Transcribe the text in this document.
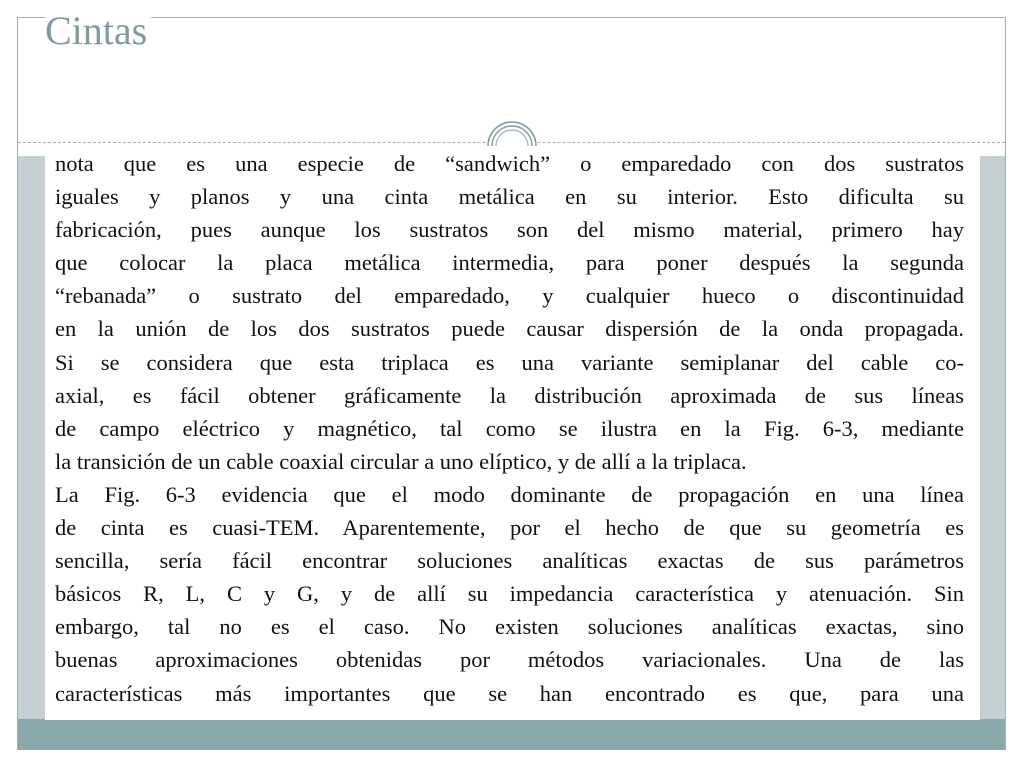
Cintas
nota que es una especie de “sandwich” o emparedado con dos sustratos
iguales y planos y una cinta metálica en su interior. Esto dificulta su
fabricación, pues aunque los sustratos son del mismo material, primero hay
que colocar la placa metálica intermedia, para poner después la segunda
“rebanada” o sustrato del emparedado, y cualquier hueco o discontinuidad
en la unión de los dos sustratos puede causar dispersión de la onda propagada.
Si se considera que esta triplaca es una variante semiplanar del cable co-
axial, es fácil obtener gráficamente la distribución aproximada de sus líneas
de campo eléctrico y magnético, tal como se ilustra en la Fig. 6-3, mediante
la transición de un cable coaxial circular a uno elíptico, y de allí a la triplaca.
La Fig. 6-3 evidencia que el modo dominante de propagación en una línea
de cinta es cuasi-TEM. Aparentemente, por el hecho de que su geometría es
sencilla, sería fácil encontrar soluciones analíticas exactas de sus parámetros
básicos R, L, C y G, y de allí su impedancia característica y atenuación. Sin
embargo, tal no es el caso. No existen soluciones analíticas exactas, sino
buenas aproximaciones obtenidas por métodos variacionales. Una de las
características más importantes que se han encontrado es que, para una
